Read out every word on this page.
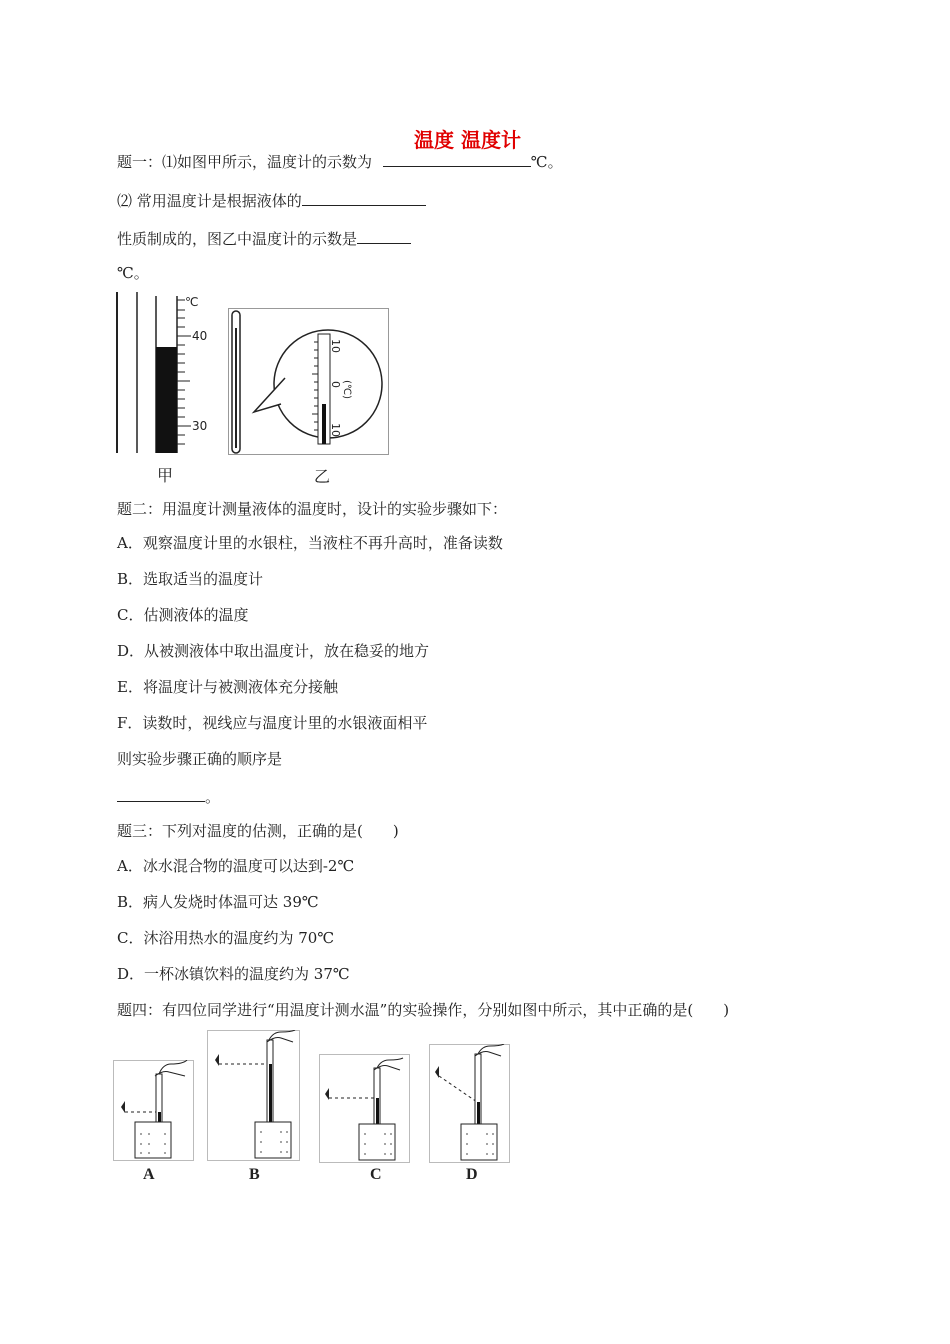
温度 温度计
题一：⑴如图甲所示，温度计的示数为	℃。
⑵ 常用温度计是根据液体的
性质制成的，图乙中温度计的示数是
℃。
℃
40
30
甲
10
0
10
(℃)
乙
题二：用温度计测量液体的温度时，设计的实验步骤如下：
A．观察温度计里的水银柱，当液柱不再升高时，准备读数
B．选取适当的温度计
C．估测液体的温度
D．从被测液体中取出温度计，放在稳妥的地方
E．将温度计与被测液体充分接触
F．读数时，视线应与温度计里的水银液面相平
则实验步骤正确的顺序是
。
题三：下列对温度的估测，正确的是(　　)
A．冰水混合物的温度可以达到-2℃
B．病人发烧时体温可达 39℃
C．沐浴用热水的温度约为 70℃
D．一杯冰镇饮料的温度约为 37℃
题四：有四位同学进行“用温度计测水温”的实验操作，分别如图中所示，其中正确的是(　　)
A	B	C	D
